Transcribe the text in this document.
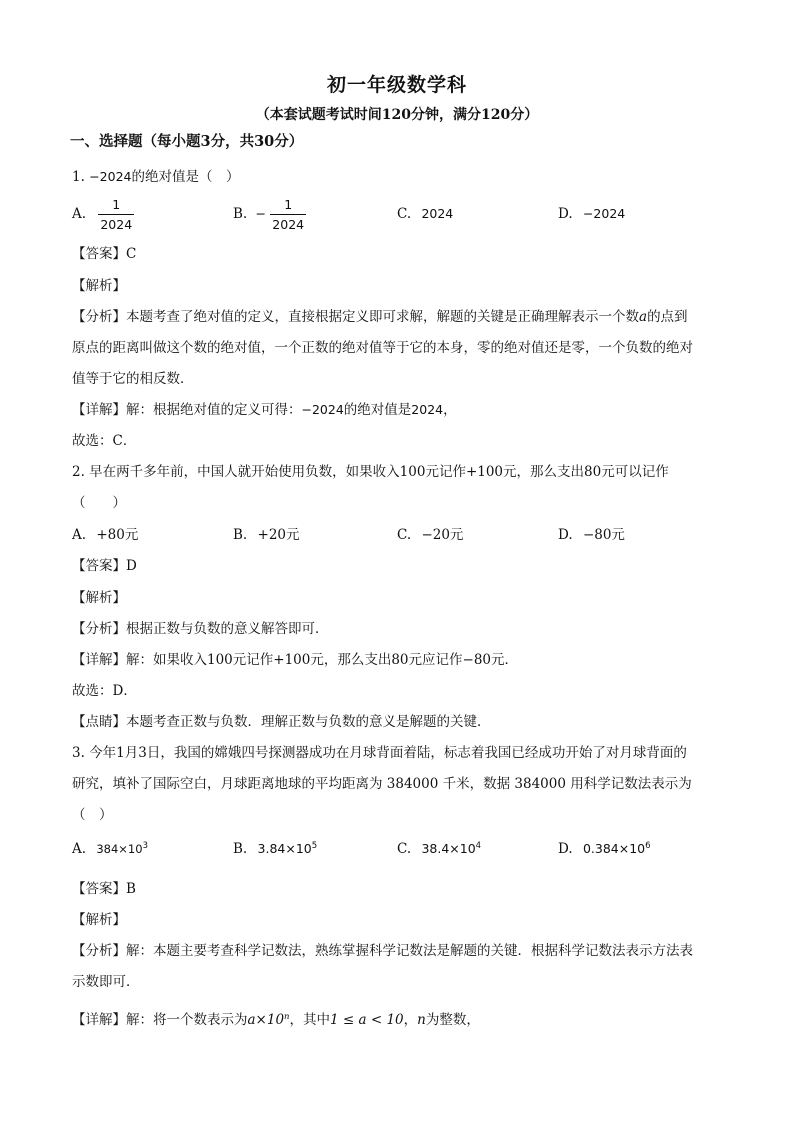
初一年级数学科
（本套试题考试时间120分钟，满分120分）
一、选择题（每小题3分，共30分）
1. −2024的绝对值是（　）
A. $\frac{1}{2024}$	B. − $\frac{1}{2024}$	C. 2024	D. −2024
【答案】C
【解析】
【分析】本题考查了绝对值的定义，直接根据定义即可求解，解题的关键是正确理解表示一个数a的点到
原点的距离叫做这个数的绝对值，一个正数的绝对值等于它的本身，零的绝对值还是零，一个负数的绝对
值等于它的相反数．
【详解】解：根据绝对值的定义可得：−2024的绝对值是2024，
故选：C．
2. 早在两千多年前，中国人就开始使用负数，如果收入100元记作+100元，那么支出80元可以记作
（　　）
A. +80元	B. +20元	C. −20元	D. −80元
【答案】D
【解析】
【分析】根据正数与负数的意义解答即可．
【详解】解：如果收入100元记作+100元，那么支出80元应记作−80元．
故选：D．
【点睛】本题考查正数与负数．理解正数与负数的意义是解题的关键．
3. 今年1月3日，我国的嫦娥四号探测器成功在月球背面着陆，标志着我国已经成功开始了对月球背面的
研究，填补了国际空白，月球距离地球的平均距离为 384000 千米，数据 384000 用科学记数法表示为
（　）
A. $384\times 10^3$	B. $3.84\times 10^5$	C. $38.4\times 10^4$	D. $0.384\times 10^6$
【答案】B
【解析】
【分析】解：本题主要考查科学记数法，熟练掌握科学记数法是解题的关键．根据科学记数法表示方法表
示数即可．
【详解】解：将一个数表示为$a\times 10^n$，其中1 ≤ a < 10，n为整数，
